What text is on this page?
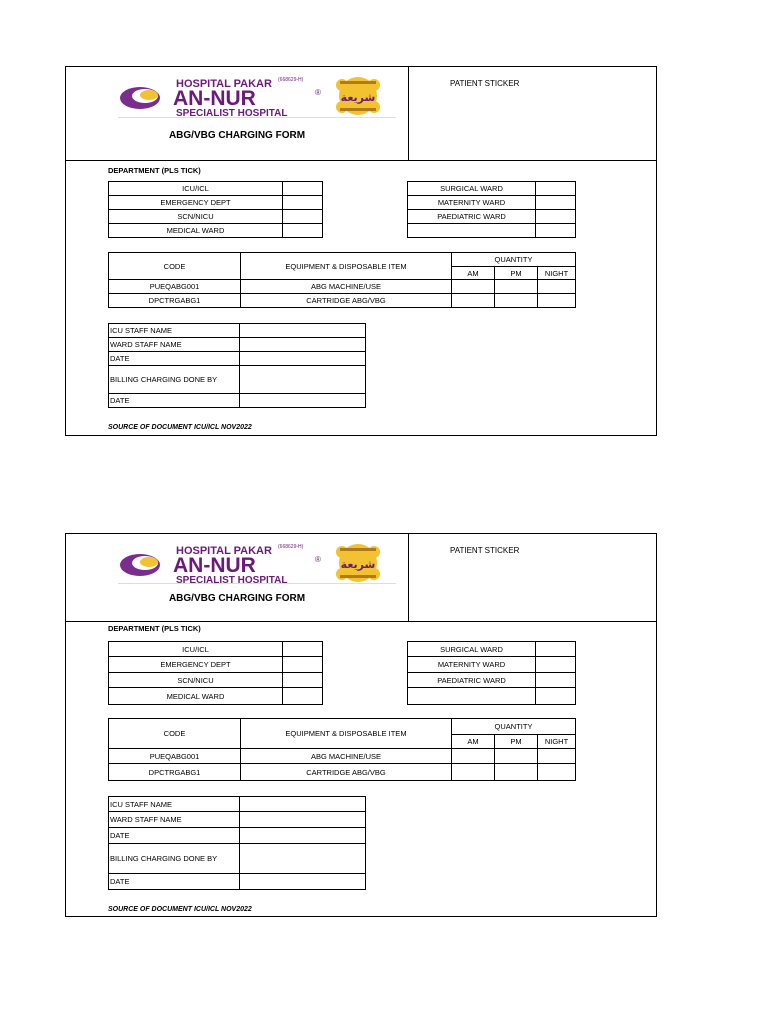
HOSPITAL PAKAR (668629-H)
AN-NUR	®
SPECIALIST HOSPITAL
شريعة
ABG/VBG CHARGING FORM
PATIENT STICKER
DEPARTMENT (PLS TICK)
ICU/ICL	
EMERGENCY DEPT	
SCN/NICU	
MEDICAL WARD	
SURGICAL WARD	
MATERNITY WARD	
PAEDIATRIC WARD	

CODE	EQUIPMENT & DISPOSABLE ITEM	QUANTITY		
		AM	PM	NIGHT
PUEQABG001	ABG MACHINE/USE			
DPCTRGABG1	CARTRIDGE ABG/VBG			
ICU STAFF NAME	
WARD STAFF NAME	
DATE	
BILLING CHARGING DONE BY	
DATE	
SOURCE OF DOCUMENT ICU/ICL NOV2022
HOSPITAL PAKAR (668629-H)
AN-NUR	®
SPECIALIST HOSPITAL
شريعة
ABG/VBG CHARGING FORM
PATIENT STICKER
DEPARTMENT (PLS TICK)
ICU/ICL	
EMERGENCY DEPT	
SCN/NICU	
MEDICAL WARD	
SURGICAL WARD	
MATERNITY WARD	
PAEDIATRIC WARD	

CODE	EQUIPMENT & DISPOSABLE ITEM	QUANTITY		
		AM	PM	NIGHT
PUEQABG001	ABG MACHINE/USE			
DPCTRGABG1	CARTRIDGE ABG/VBG			
ICU STAFF NAME	
WARD STAFF NAME	
DATE	
BILLING CHARGING DONE BY	
DATE	
SOURCE OF DOCUMENT ICU/ICL NOV2022
